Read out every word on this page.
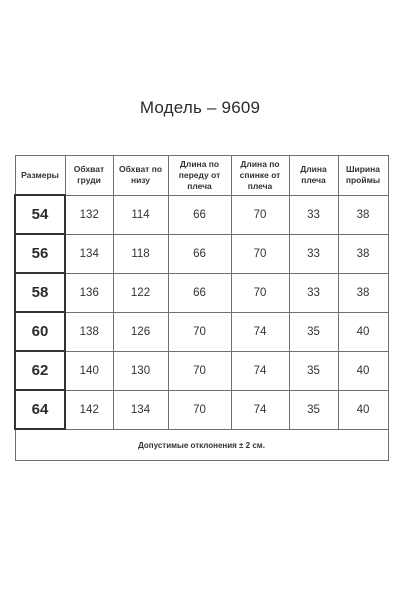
Модель – 9609
Размеры	Обхват груди	Обхват по низу	Длина по переду от плеча	Длина по спинке от плеча	Длина плеча	Ширина проймы
54	132	114	66	70	33	38
56	134	118	66	70	33	38
58	136	122	66	70	33	38
60	138	126	70	74	35	40
62	140	130	70	74	35	40
64	142	134	70	74	35	40
Допустимые отклонения ± 2 см.						
